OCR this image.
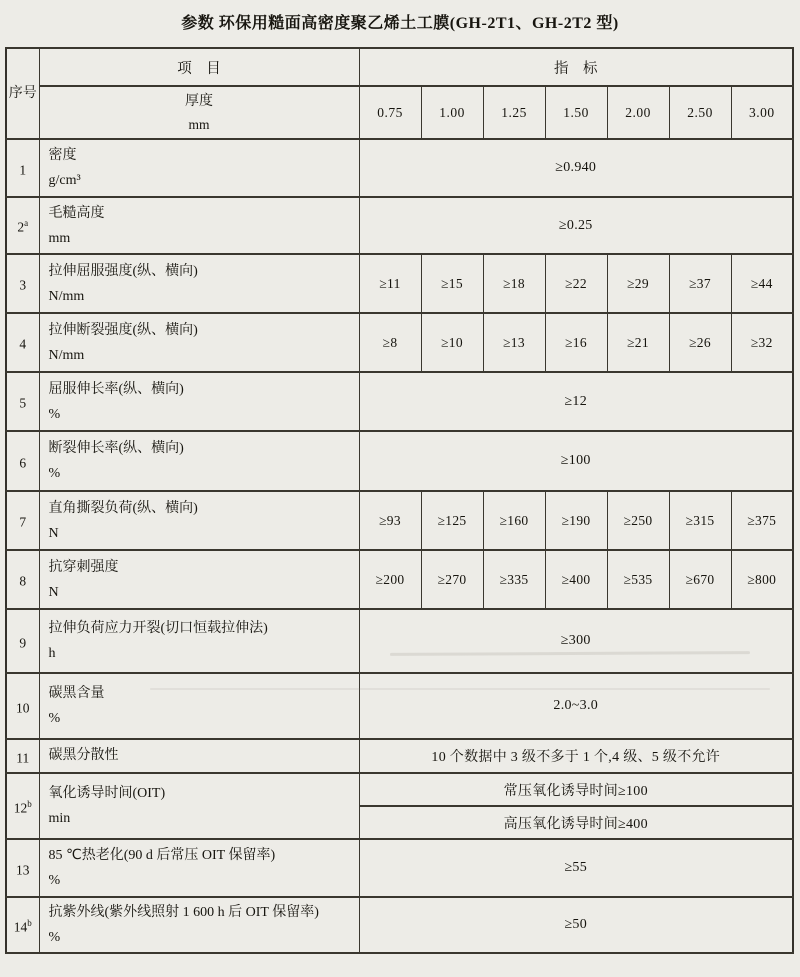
参数 环保用糙面高密度聚乙烯土工膜(GH-2T1、GH-2T2 型)
序号	项　目	指　标						

	厚度
mm	0.75	1.00	1.25	1.50	2.00	2.50	3.00
1	密度
g/cm³	≥0.940						
2$^a$	毛糙高度
mm	≥0.25						
3	拉伸屈服强度(纵、横向)
N/mm	≥11	≥15	≥18	≥22	≥29	≥37	≥44
4	拉伸断裂强度(纵、横向)
N/mm	≥8	≥10	≥13	≥16	≥21	≥26	≥32
5	屈服伸长率(纵、横向)
%	≥12						
6	断裂伸长率(纵、横向)
%	≥100						
7	直角撕裂负荷(纵、横向)
N	≥93	≥125	≥160	≥190	≥250	≥315	≥375
8	抗穿刺强度
N	≥200	≥270	≥335	≥400	≥535	≥670	≥800
9	拉伸负荷应力开裂(切口恒载拉伸法)
h	≥300						
10	碳黑含量
%	2.0~3.0						
11	碳黑分散性	10 个数据中 3 级不多于 1 个,4 级、5 级不允许						
12$^b$	氧化诱导时间(OIT)
min	常压氧化诱导时间≥100						
		高压氧化诱导时间≥400						
13	85 ℃热老化(90 d 后常压 OIT 保留率)
%	≥55						
14$^b$	抗紫外线(紫外线照射 1 600 h 后 OIT 保留率)
%	≥50						
